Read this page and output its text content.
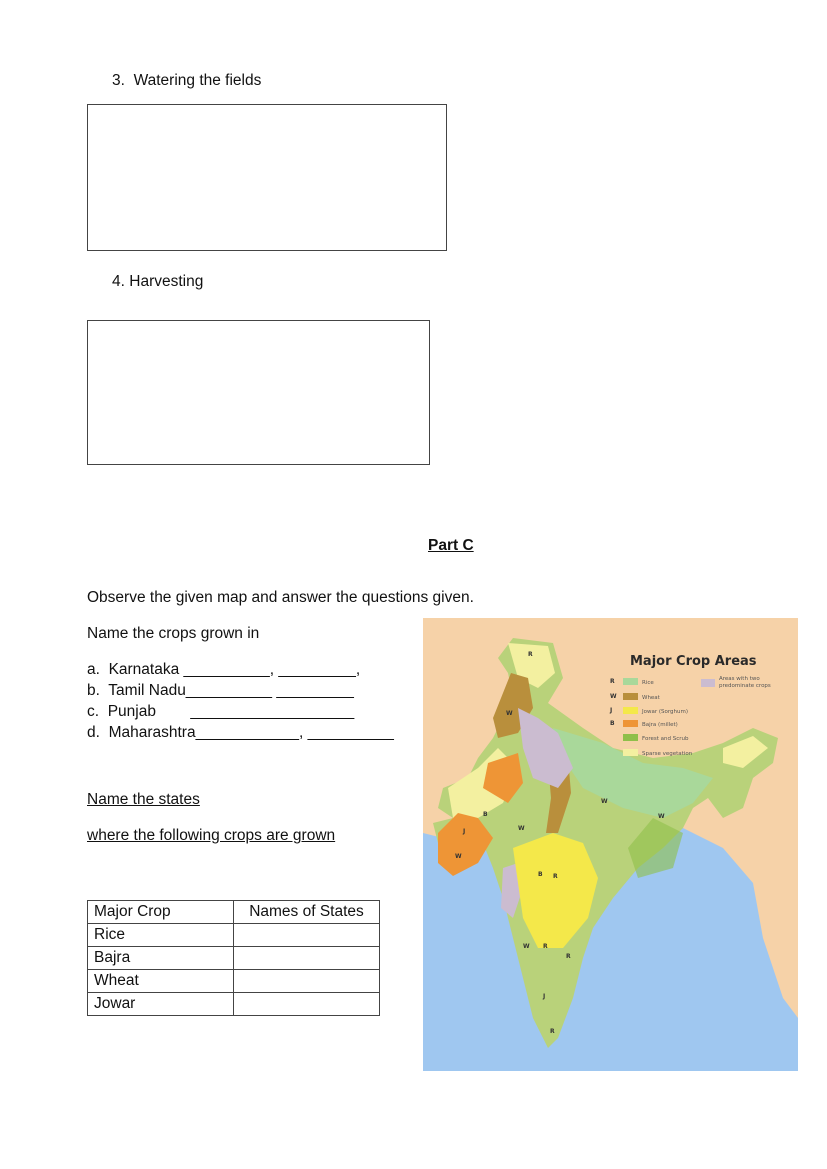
3. Watering the fields
4. Harvesting
Part C
Observe the given map and answer the questions given.
Name the crops grown in
a. Karnataka __________, _________,
b. Tamil Nadu__________ _________
c. Punjab        ___________________
d. Maharashtra____________, __________
Name the states
where the following crops are grown
Major Crop	Names of States
Rice	
Bajra	
Wheat	
Jowar	
R
W
B
J
W
W
W
W
R
B
W R
R
J
R
Major Crop Areas
R	Rice
W	Wheat
J	Jowar (Sorghum)
B	Bajra (millet)
Forest and Scrub
Sparse vegetation
Areas with two predominate crops
